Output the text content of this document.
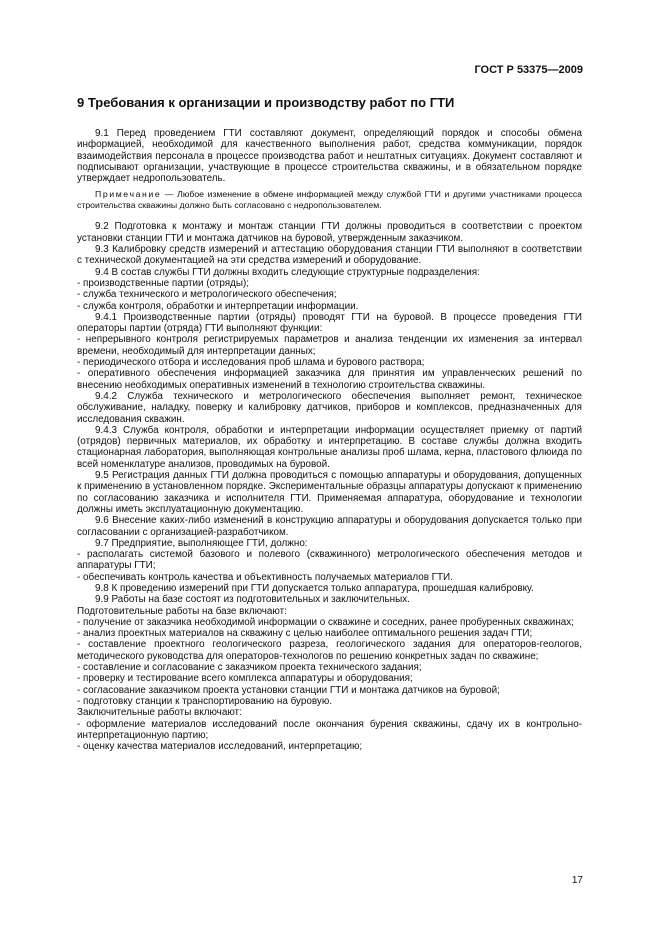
ГОСТ Р 53375—2009
9 Требования к организации и производству работ по ГТИ
9.1 Перед проведением ГТИ составляют документ, определяющий порядок и способы обмена информацией, необходимой для качественного выполнения работ, средства коммуникации, порядок взаимодействия персонала в процессе производства работ и нештатных ситуациях. Документ составляют и подписывают организации, участвующие в процессе строительства скважины, и в обязательном порядке утверждает недропользователь.
Примечание — Любое изменение в обмене информацией между службой ГТИ и другими участниками процесса строительства скважины должно быть согласовано с недропользователем.
9.2 Подготовка к монтажу и монтаж станции ГТИ должны проводиться в соответствии с проектом установки станции ГТИ и монтажа датчиков на буровой, утвержденным заказчиком.
9.3 Калибровку средств измерений и аттестацию оборудования станции ГТИ выполняют в соответствии с технической документацией на эти средства измерений и оборудование.
9.4 В состав службы ГТИ должны входить следующие структурные подразделения:
- производственные партии (отряды);
- служба технического и метрологического обеспечения;
- служба контроля, обработки и интерпретации информации.
9.4.1 Производственные партии (отряды) проводят ГТИ на буровой. В процессе проведения ГТИ операторы партии (отряда) ГТИ выполняют функции:
- непрерывного контроля регистрируемых параметров и анализа тенденции их изменения за интервал времени, необходимый для интерпретации данных;
- периодического отбора и исследования проб шлама и бурового раствора;
- оперативного обеспечения информацией заказчика для принятия им управленческих решений по внесению необходимых оперативных изменений в технологию строительства скважины.
9.4.2 Служба технического и метрологического обеспечения выполняет ремонт, техническое обслуживание, наладку, поверку и калибровку датчиков, приборов и комплексов, предназначенных для исследования скважин.
9.4.3 Служба контроля, обработки и интерпретации информации осуществляет приемку от партий (отрядов) первичных материалов, их обработку и интерпретацию. В составе службы должна входить стационарная лаборатория, выполняющая контрольные анализы проб шлама, керна, пластового флюида по всей номенклатуре анализов, проводимых на буровой.
9.5 Регистрация данных ГТИ должна проводиться с помощью аппаратуры и оборудования, допущенных к применению в установленном порядке. Экспериментальные образцы аппаратуры допускают к применению по согласованию заказчика и исполнителя ГТИ. Применяемая аппаратура, оборудование и технологии должны иметь эксплуатационную документацию.
9.6 Внесение каких-либо изменений в конструкцию аппаратуры и оборудования допускается только при согласовании с организацией-разработчиком.
9.7 Предприятие, выполняющее ГТИ, должно:
- располагать системой базового и полевого (скважинного) метрологического обеспечения методов и аппаратуры ГТИ;
- обеспечивать контроль качества и объективность получаемых материалов ГТИ.
9.8 К проведению измерений при ГТИ допускается только аппаратура, прошедшая калибровку.
9.9 Работы на базе состоят из подготовительных и заключительных.
Подготовительные работы на базе включают:
- получение от заказчика необходимой информации о скважине и соседних, ранее пробуренных скважинах;
- анализ проектных материалов на скважину с целью наиболее оптимального решения задач ГТИ;
- составление проектного геологического разреза, геологического задания для операторов-геологов, методического руководства для операторов-технологов по решению конкретных задач по скважине;
- составление и согласование с заказчиком проекта технического задания;
- проверку и тестирование всего комплекса аппаратуры и оборудования;
- согласование заказчиком проекта установки станции ГТИ и монтажа датчиков на буровой;
- подготовку станции к транспортированию на буровую.
Заключительные работы включают:
- оформление материалов исследований после окончания бурения скважины, сдачу их в контрольно-интерпретационную партию;
- оценку качества материалов исследований, интерпретацию;
17
